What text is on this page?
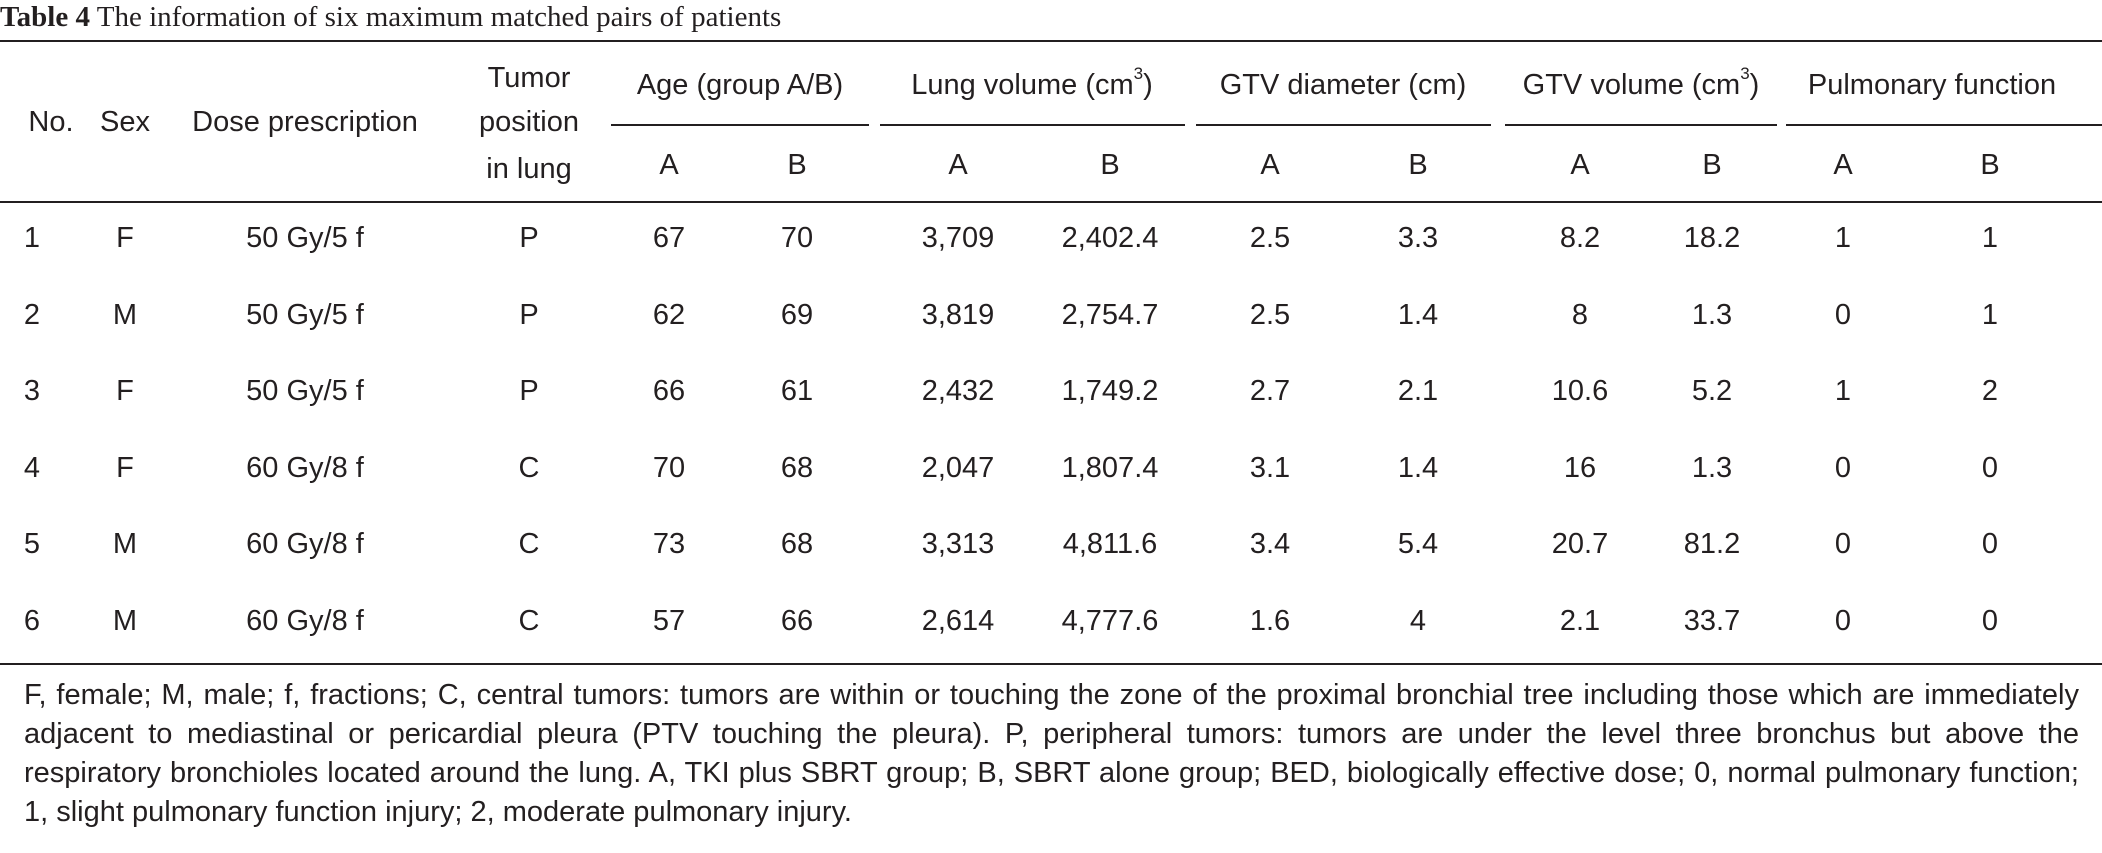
Table 4 The information of six maximum matched pairs of patients
No. Sex Dose prescription
Tumor
position
in lung
Age (group A/B) Lung volume $(cm^3)$ GTV diameter (cm) GTV volume $(cm^3)$ Pulmonary function
A	B	A	B	A	B	A	B	A	B
1	F	50 Gy/5 f	P	67	70	3,709 2,402.4	2.5	3.3	8.2	18.2	1	1
2	M	50 Gy/5 f	P	62	69	3,819 2,754.7	2.5	1.4	8	1.3	0	1
3	F	50 Gy/5 f	P	66	61	2,432 1,749.2	2.7	2.1	10.6	5.2	1	2
4	F	60 Gy/8 f	C	70	68	2,047 1,807.4	3.1	1.4	16	1.3	0	0
5	M	60 Gy/8 f	C	73	68	3,313 4,811.6	3.4	5.4	20.7	81.2	0	0
6	M	60 Gy/8 f	C	57	66	2,614 4,777.6	1.6	4	2.1	33.7	0	0
F, female; M, male; f, fractions; C, central tumors: tumors are within or touching the zone of the proximal bronchial tree including those which are immediately adjacent to mediastinal or pericardial pleura (PTV touching the pleura). P, peripheral tumors: tumors are under the level three bronchus but above the respiratory bronchioles located around the lung. A, TKI plus SBRT group; B, SBRT alone group; BED, biologically effective dose; 0, normal pulmonary function; 1, slight pulmonary function injury; 2, moderate pulmonary injury.
